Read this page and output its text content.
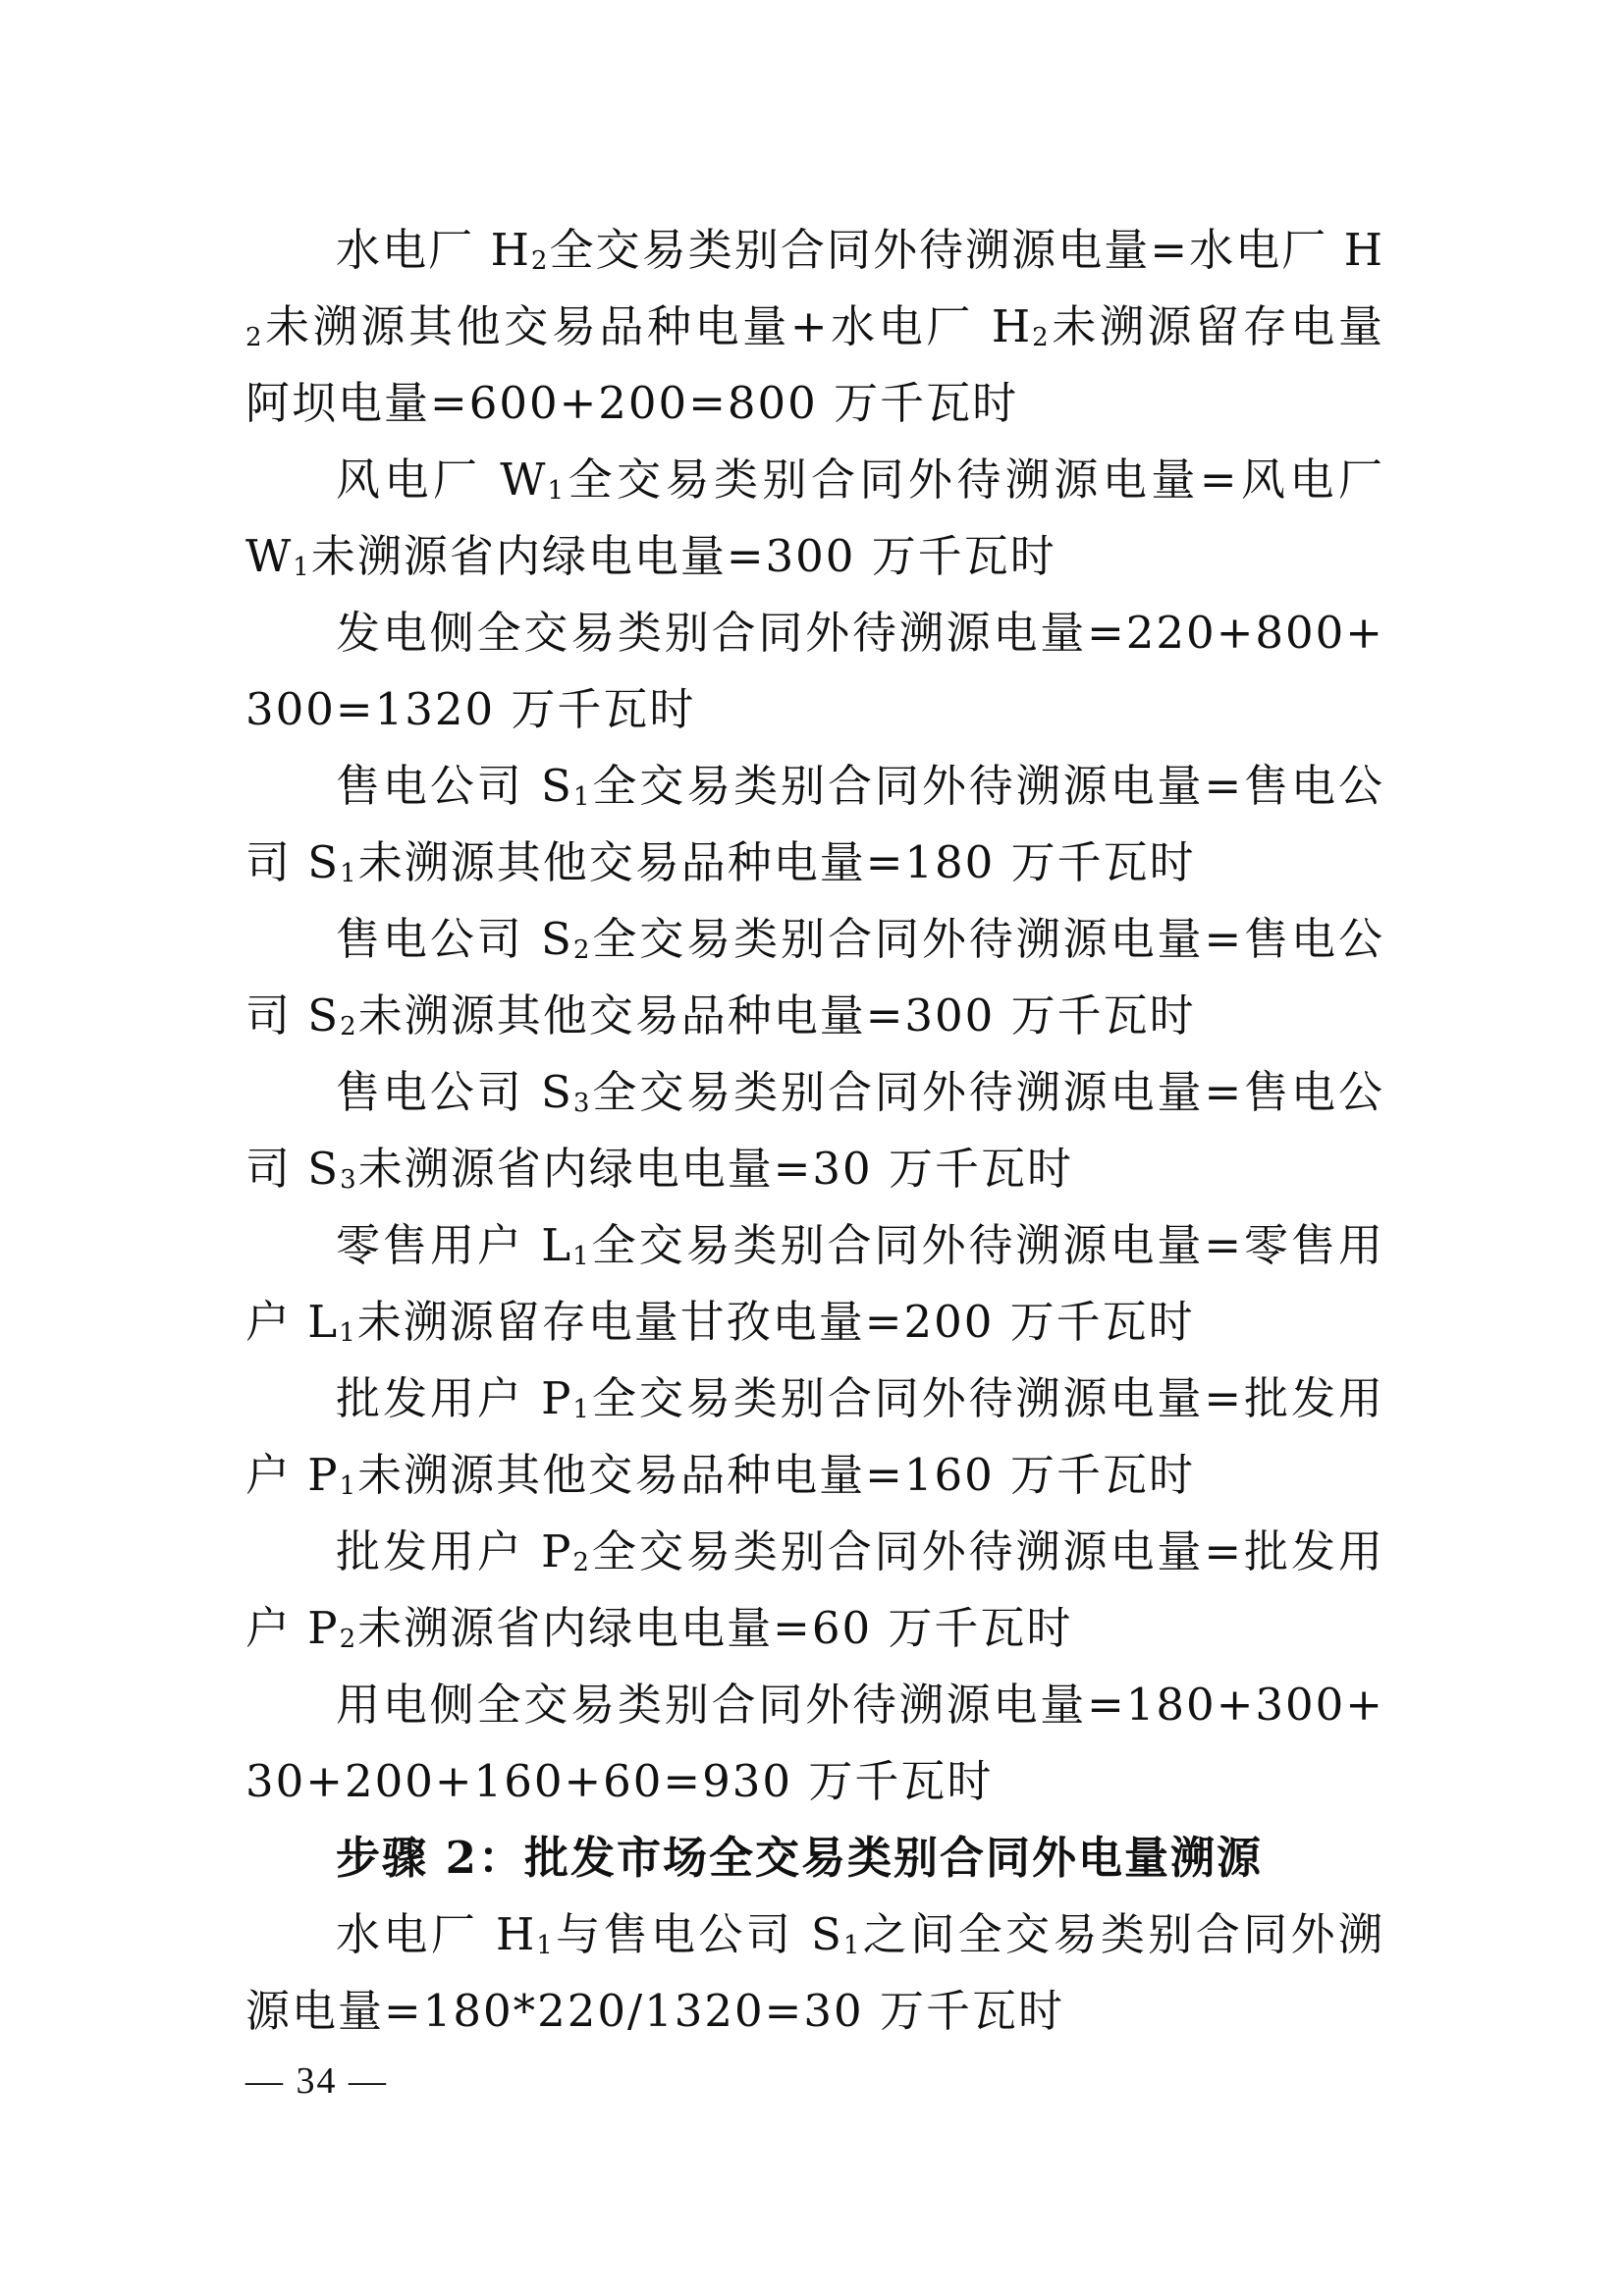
水电厂 $H_2$全交易类别合同外待溯源电量=水电厂 $H_2$未溯源其他交易品种电量+水电厂 $H_2$未溯源留存电量阿坝电量=600+200=800 万千瓦时

风电厂 $W_1$全交易类别合同外待溯源电量=风电厂 $W_1$未溯源省内绿电电量=300 万千瓦时

发电侧全交易类别合同外待溯源电量=220+800+300=1320 万千瓦时

售电公司 $S_1$全交易类别合同外待溯源电量=售电公司 $S_1$未溯源其他交易品种电量=180 万千瓦时

售电公司 $S_2$全交易类别合同外待溯源电量=售电公司 $S_2$未溯源其他交易品种电量=300 万千瓦时

售电公司 $S_3$全交易类别合同外待溯源电量=售电公司 $S_3$未溯源省内绿电电量=30 万千瓦时

零售用户 $L_1$全交易类别合同外待溯源电量=零售用户 $L_1$未溯源留存电量甘孜电量=200 万千瓦时

批发用户 $P_1$全交易类别合同外待溯源电量=批发用户 $P_1$未溯源其他交易品种电量=160 万千瓦时

批发用户 $P_2$全交易类别合同外待溯源电量=批发用户 $P_2$未溯源省内绿电电量=60 万千瓦时

用电侧全交易类别合同外待溯源电量=180+300+30+200+160+60=930 万千瓦时

步骤 2：批发市场全交易类别合同外电量溯源

水电厂 $H_1$与售电公司 $S_1$之间全交易类别合同外溯源电量=180*220/1320=30 万千瓦时

— 34 —
